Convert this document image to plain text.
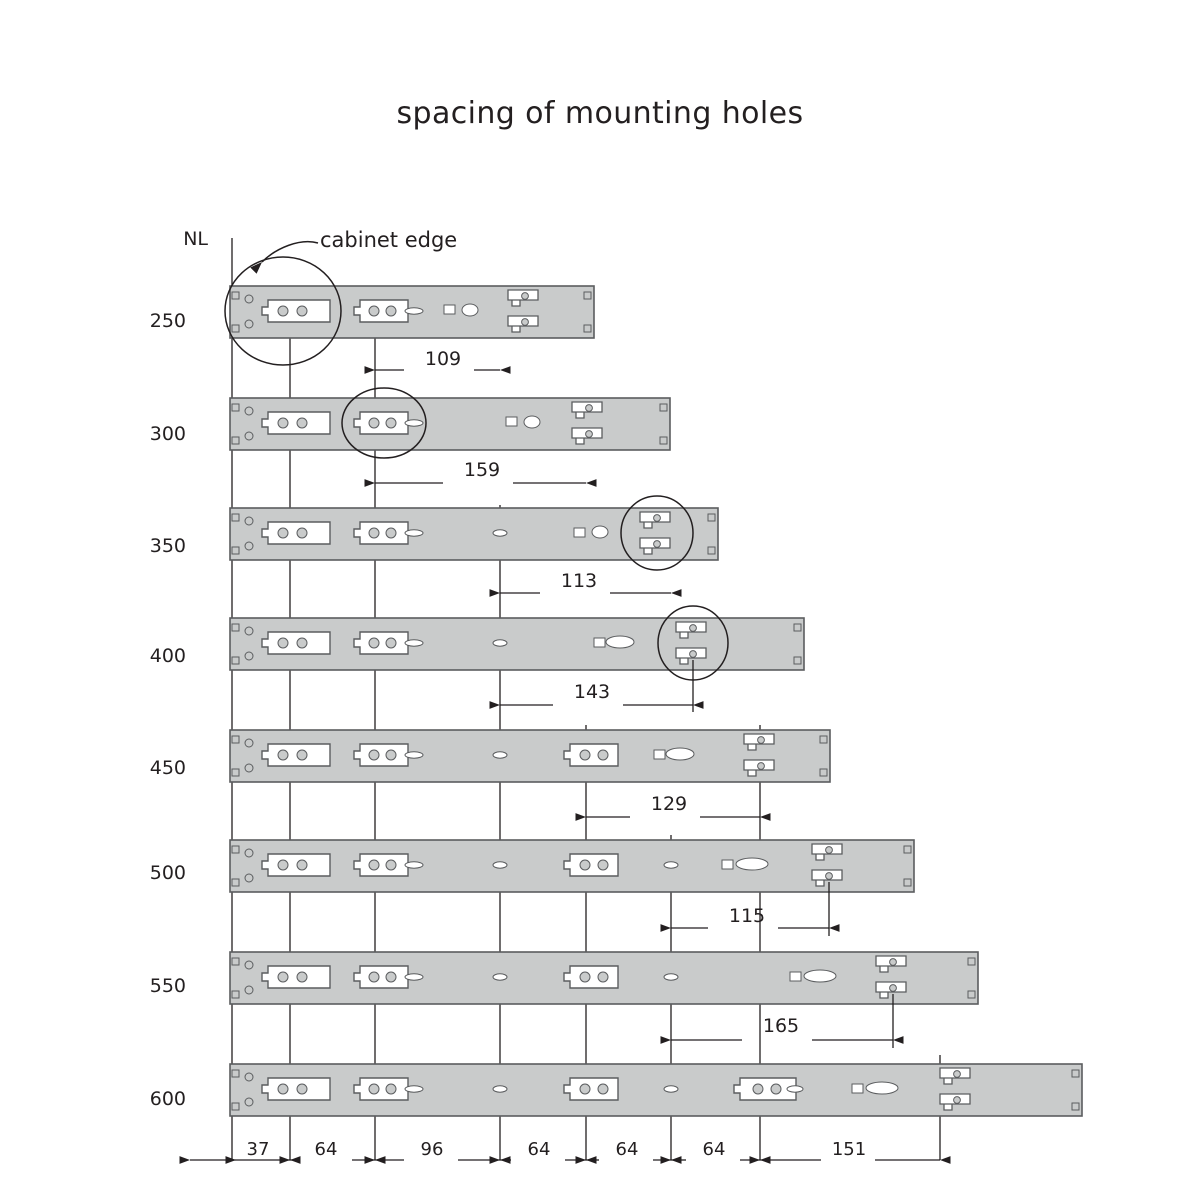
spacing of mounting holes
NL	cabinet edge
250
300
350
400
450
500
550
600
109
159
113
143
129
115
165
37	64	96	64	64	64	151
